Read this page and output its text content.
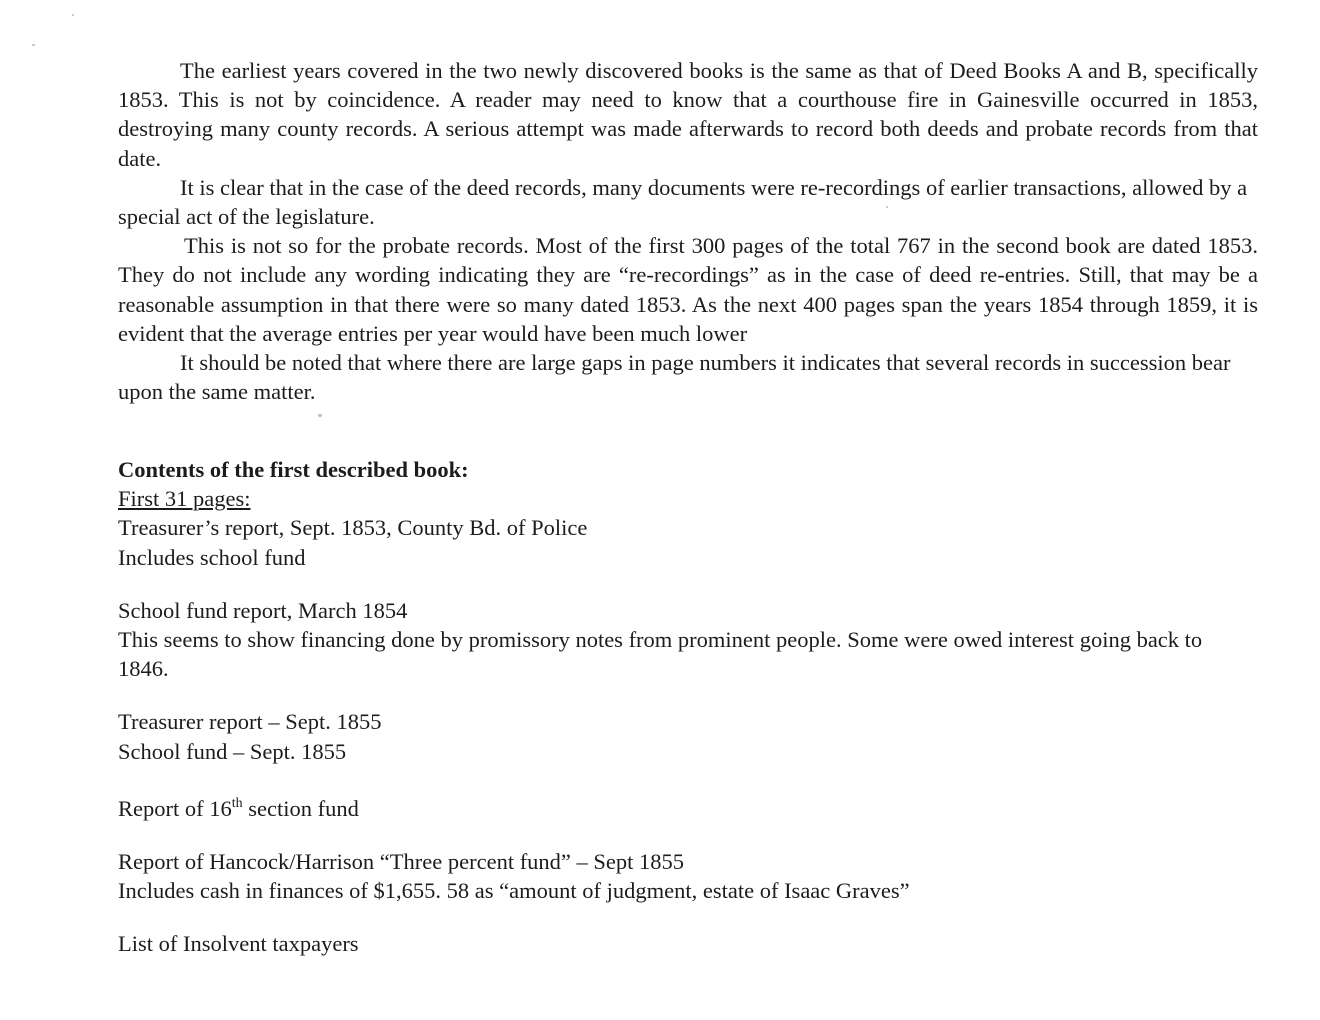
The earliest years covered in the two newly discovered books is the same as that of Deed Books A and B, specifically 1853. This is not by coincidence. A reader may need to know that a courthouse fire in Gainesville occurred in 1853, destroying many county records. A serious attempt was made afterwards to record both deeds and probate records from that date.

It is clear that in the case of the deed records, many documents were re-recordings of earlier transactions, allowed by a special act of the legislature.

This is not so for the probate records. Most of the first 300 pages of the total 767 in the second book are dated 1853. They do not include any wording indicating they are “re-recordings” as in the case of deed re-entries. Still, that may be a reasonable assumption in that there were so many dated 1853. As the next 400 pages span the years 1854 through 1859, it is evident that the average entries per year would have been much lower

It should be noted that where there are large gaps in page numbers it indicates that several records in succession bear upon the same matter.

Contents of the first described book:
First 31 pages:
Treasurer’s report, Sept. 1853, County Bd. of Police
Includes school fund
School fund report, March 1854
This seems to show financing done by promissory notes from prominent people. Some were owed interest going back to 1846.
Treasurer report – Sept. 1855
School fund – Sept. 1855
Report of 16th section fund
Report of Hancock/Harrison “Three percent fund” – Sept 1855
Includes cash in finances of $1,655. 58 as “amount of judgment, estate of Isaac Graves”
List of Insolvent taxpayers
